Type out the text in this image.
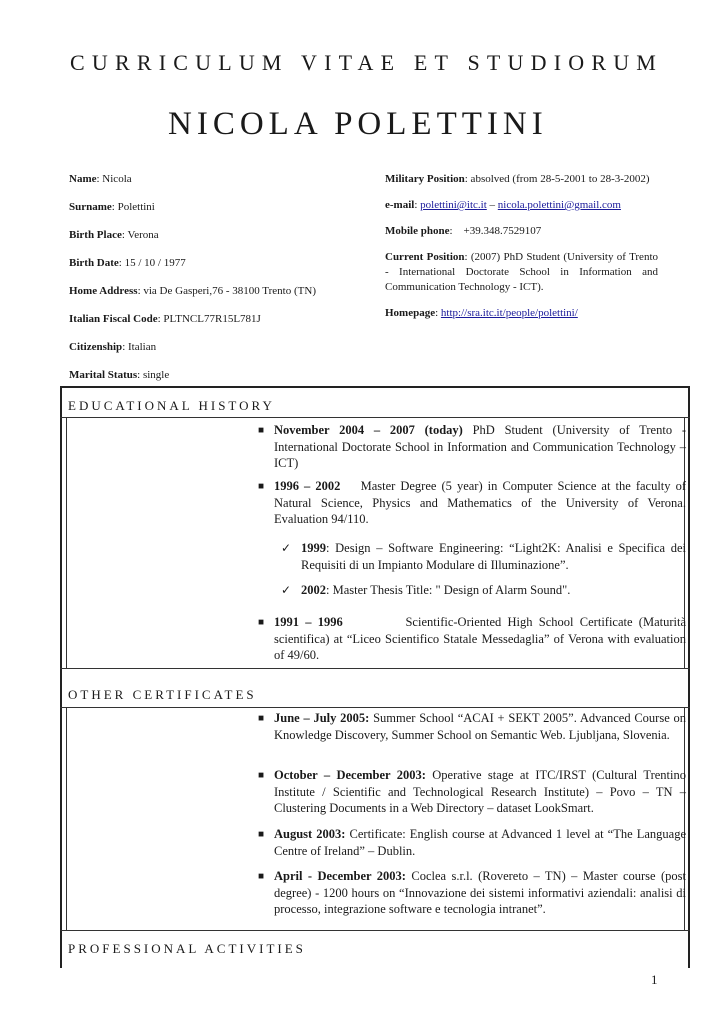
CURRICULUM VITAE ET STUDIORUM
NICOLA POLETTINI

Name: Nicola

Surname: Polettini

Birth Place: Verona

Birth Date: 15 / 10 / 1977

Home Address: via De Gasperi,76 - 38100 Trento (TN)

Italian Fiscal Code: PLTNCL77R15L781J

Citizenship: Italian

Marital Status: single

Military Position: absolved (from 28-5-2001 to 28-3-2002)

e-mail: polettini@itc.it – nicola.polettini@gmail.com

Mobile phone:    +39.348.7529107

Current Position: (2007) PhD Student (University of Trento - International Doctorate School in Information and Communication Technology - ICT).

Homepage: http://sra.itc.it/people/polettini/

EDUCATIONAL HISTORY
■ November 2004 – 2007 (today) PhD Student (University of Trento - International Doctorate School in Information and Communication Technology – ICT)
■ 1996 – 2002    Master Degree (5 year) in Computer Science at the faculty of Natural Science, Physics and Mathematics of the University of Verona. Evaluation 94/110.
✓ 1999: Design – Software Engineering: “Light2K: Analisi e Specifica dei Requisiti di un Impianto Modulare di Illuminazione”.
✓ 2002: Master Thesis Title: " Design of Alarm Sound".
■ 1991 – 1996          Scientific-Oriented High School Certificate (Maturità scientifica) at “Liceo Scientifico Statale Messedaglia” of Verona with evaluation of 49/60.
OTHER CERTIFICATES
■ June – July 2005: Summer School “ACAI + SEKT 2005”. Advanced Course on Knowledge Discovery, Summer School on Semantic Web. Ljubljana, Slovenia.
■ October – December 2003: Operative stage at ITC/IRST (Cultural Trentino Institute / Scientific and Technological Research Institute) – Povo – TN – Clustering Documents in a Web Directory – dataset LookSmart.
■ August 2003: Certificate: English course at Advanced 1 level at “The Language Centre of Ireland” – Dublin.
■ April - December 2003: Coclea s.r.l. (Rovereto – TN) – Master course (post degree) - 1200 hours on “Innovazione dei sistemi informativi aziendali: analisi di processo, integrazione software e tecnologia intranet”.
PROFESSIONAL ACTIVITIES
1
